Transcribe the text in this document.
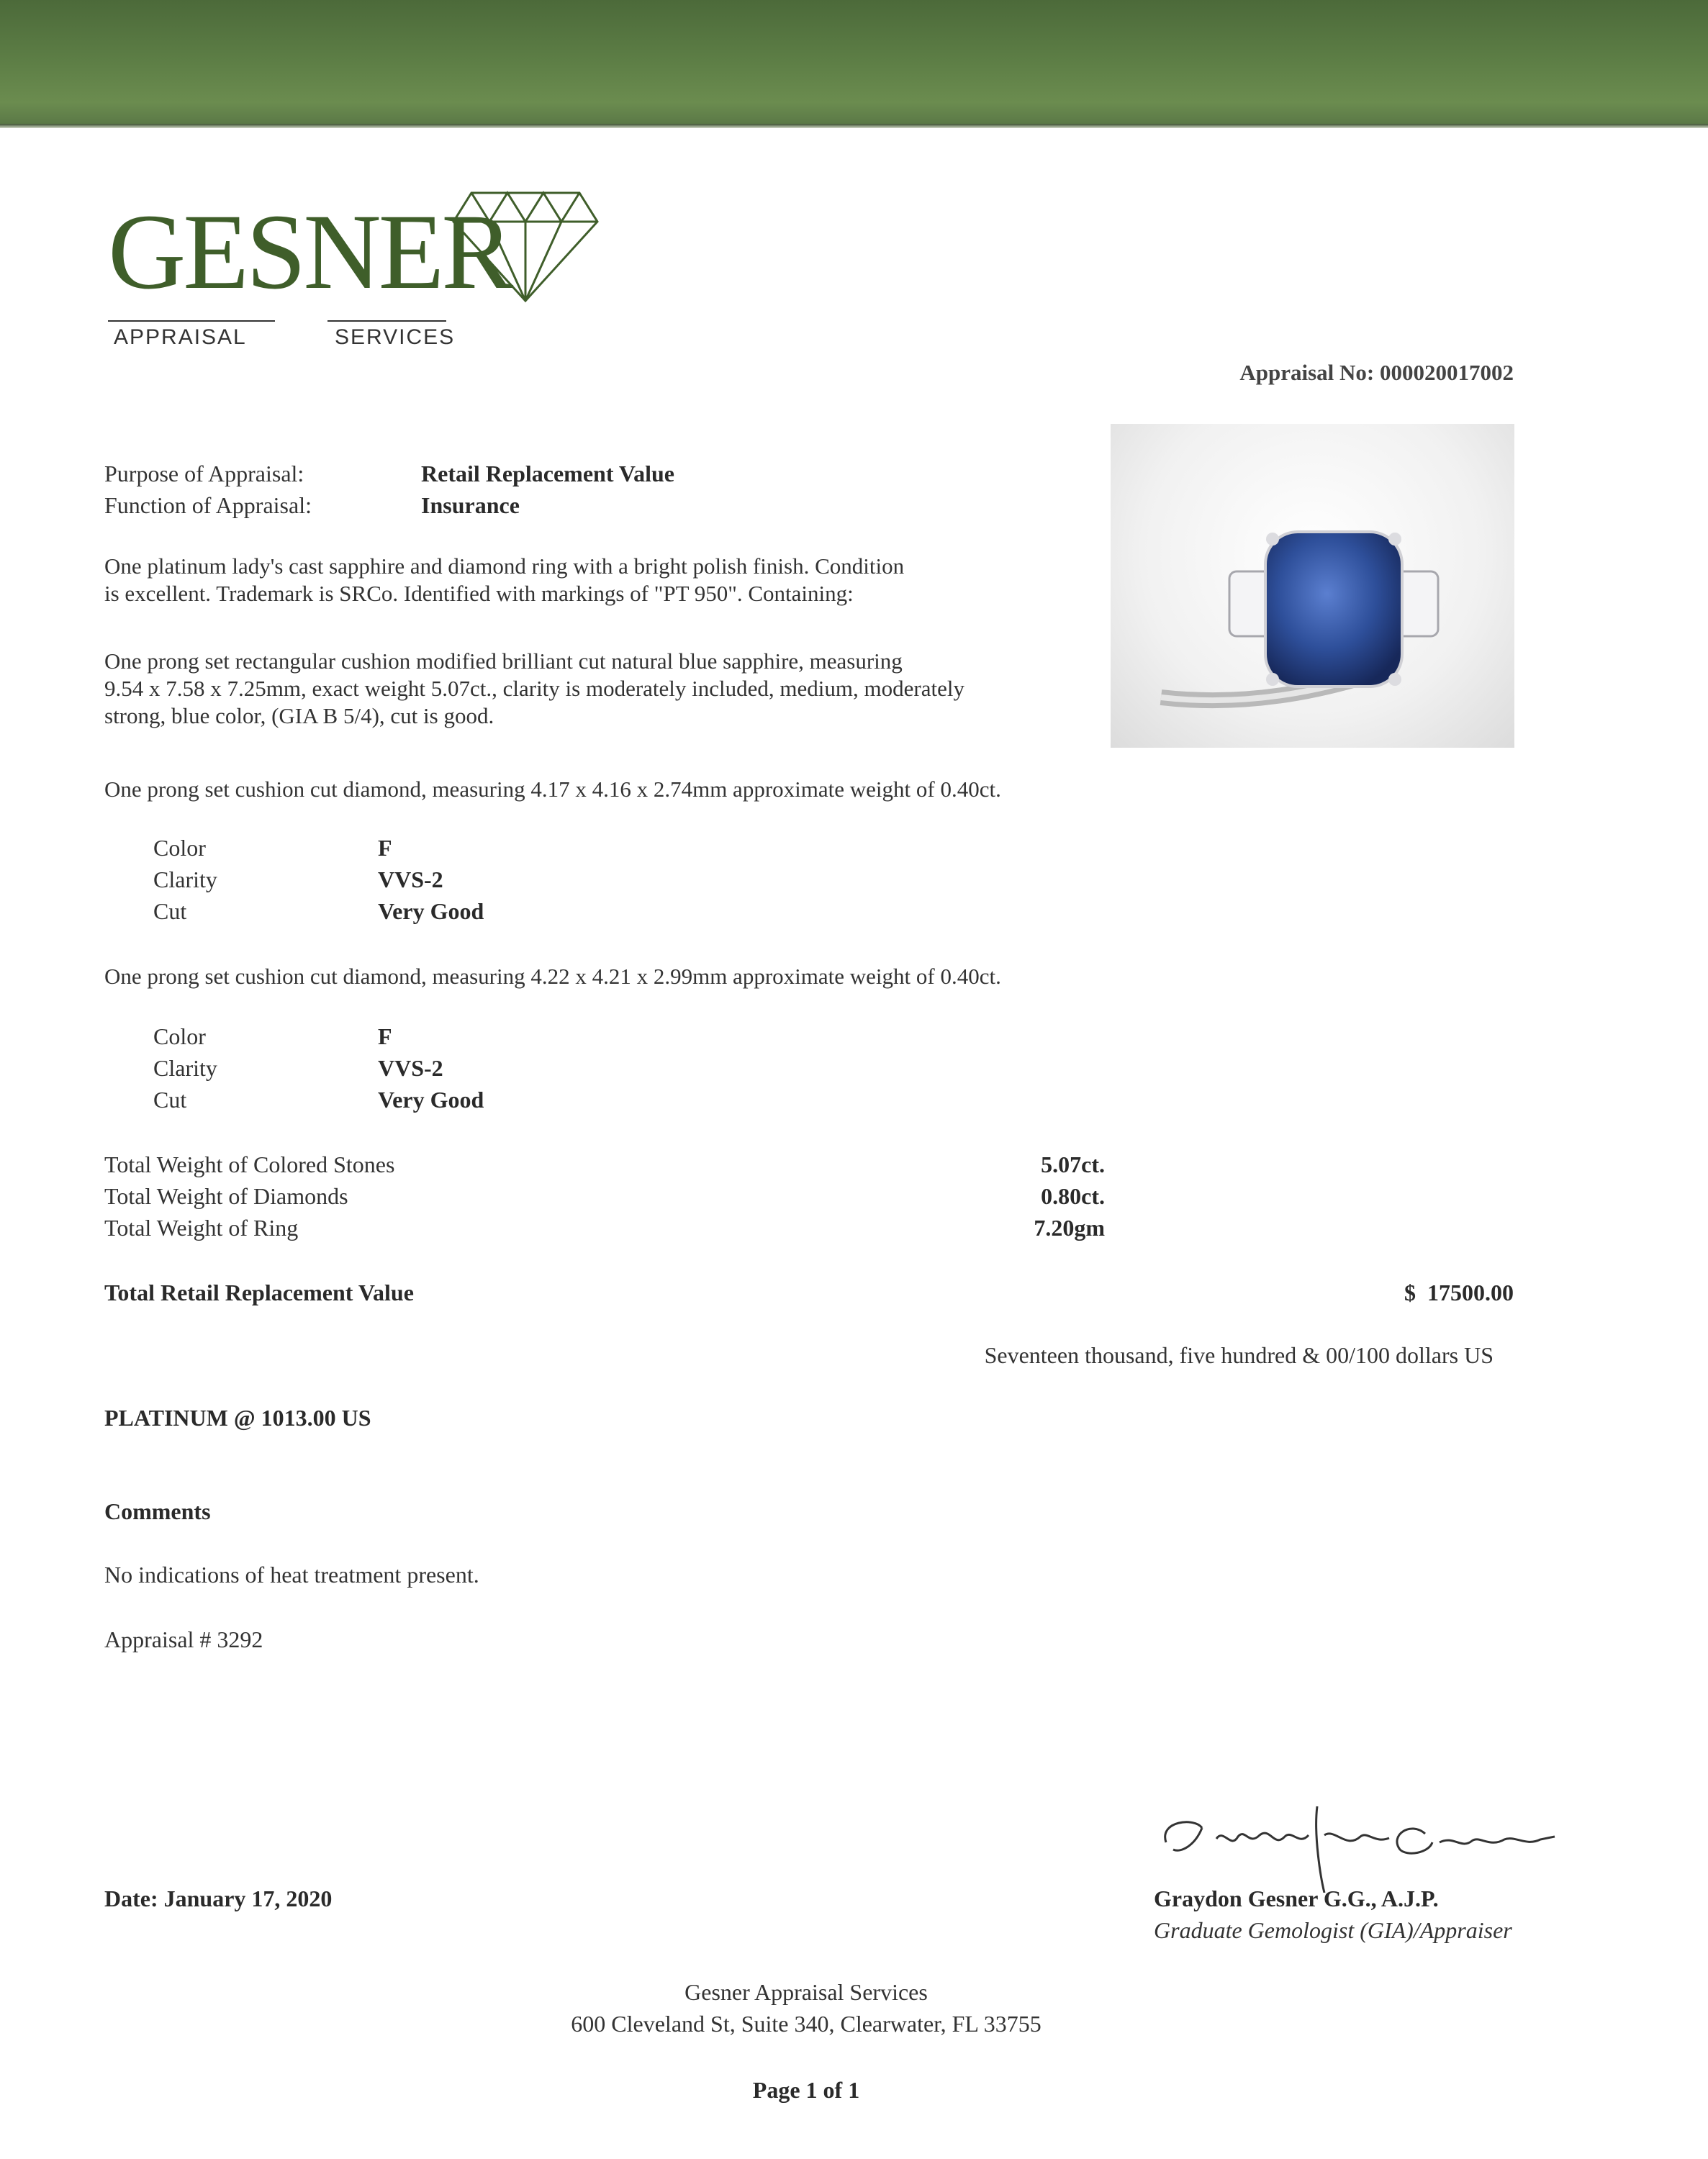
GESNER
APPRAISAL	SERVICES
Appraisal No: 000020017002
Purpose of Appraisal:	Retail Replacement Value
Function of Appraisal:	Insurance
One platinum lady's cast sapphire and diamond ring with a bright polish finish. Condition
is excellent. Trademark is SRCo. Identified with markings of "PT 950". Containing:
One prong set rectangular cushion modified brilliant cut natural blue sapphire, measuring
9.54 x 7.58 x 7.25mm, exact weight 5.07ct., clarity is moderately included, medium, moderately
strong, blue color, (GIA B 5/4), cut is good.
One prong set cushion cut diamond, measuring 4.17 x 4.16 x 2.74mm approximate weight of 0.40ct.
Color	F
Clarity	VVS-2
Cut	Very Good
One prong set cushion cut diamond, measuring 4.22 x 4.21 x 2.99mm approximate weight of 0.40ct.
Color	F
Clarity	VVS-2
Cut	Very Good
Total Weight of Colored Stones	5.07ct.
Total Weight of Diamonds	0.80ct.
Total Weight of Ring	7.20gm
Total Retail Replacement Value	$  17500.00
Seventeen thousand, five hundred & 00/100 dollars US
PLATINUM @ 1013.00 US
Comments
No indications of heat treatment present.
Appraisal # 3292
Date: January 17, 2020	Graydon Gesner G.G., A.J.P.
Graduate Gemologist (GIA)/Appraiser
Gesner Appraisal Services
600 Cleveland St, Suite 340, Clearwater, FL 33755
Page 1 of 1
